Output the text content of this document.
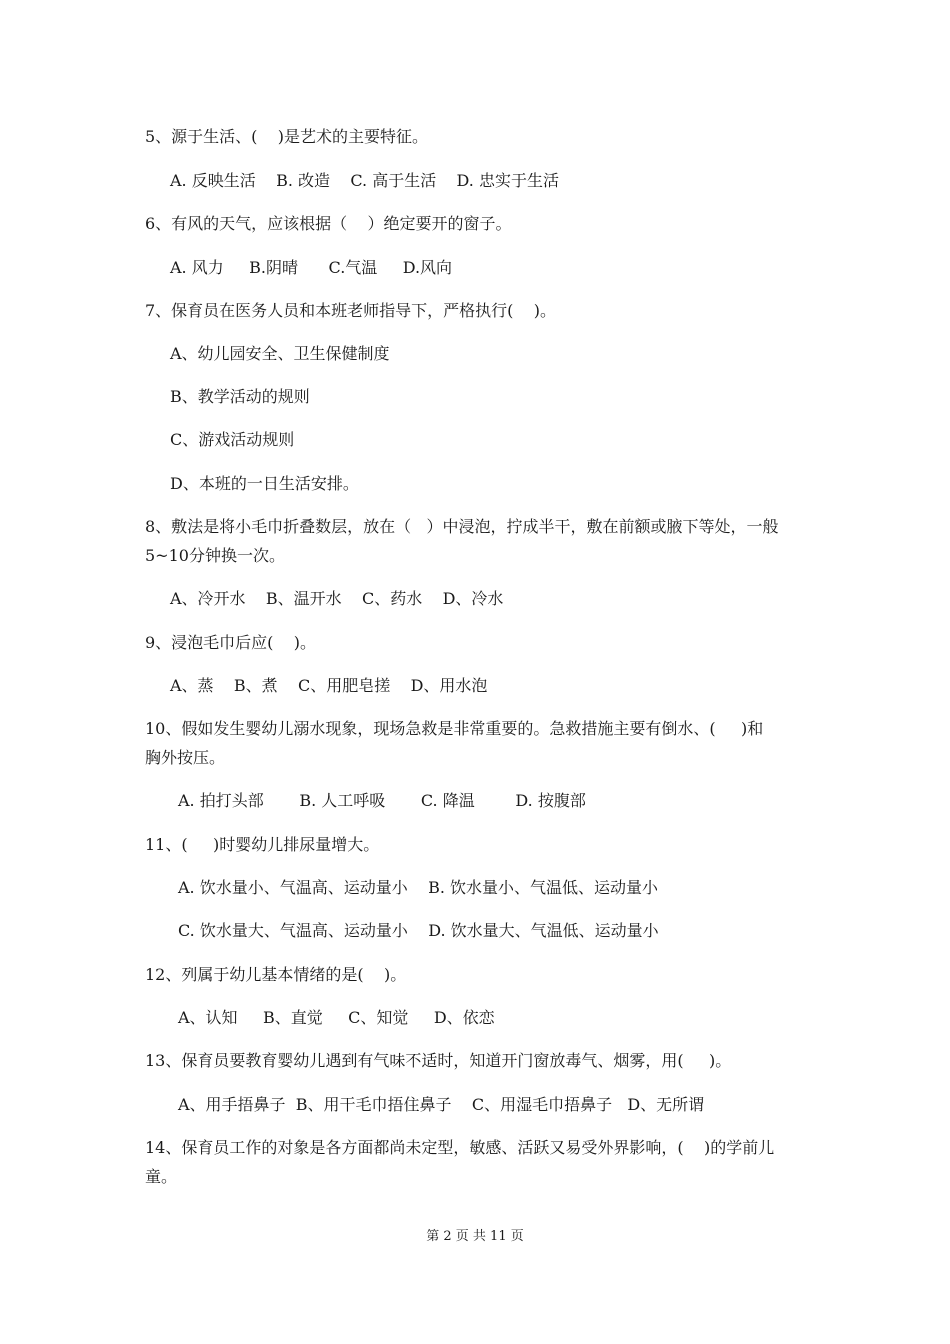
5、源于生活、(    )是艺术的主要特征。
A. 反映生活    B. 改造    C. 高于生活    D. 忠实于生活
6、有风的天气，应该根据（    ）绝定要开的窗子。
A. 风力     B.阴晴      C.气温     D.风向
7、保育员在医务人员和本班老师指导下，严格执行(    )。
A、幼儿园安全、卫生保健制度
B、教学活动的规则
C、游戏活动规则
D、本班的一日生活安排。
8、敷法是将小毛巾折叠数层，放在（   ）中浸泡，拧成半干，敷在前额或腋下等处，一般
5~10分钟换一次。
A、冷开水    B、温开水    C、药水    D、冷水
9、浸泡毛巾后应(    )。
A、蒸    B、煮    C、用肥皂搓    D、用水泡
10、假如发生婴幼儿溺水现象，现场急救是非常重要的。急救措施主要有倒水、(     )和
胸外按压。
A. 拍打头部       B. 人工呼吸       C. 降温        D. 按腹部
11、(     )时婴幼儿排尿量增大。
A. 饮水量小、气温高、运动量小    B. 饮水量小、气温低、运动量小
C. 饮水量大、气温高、运动量小    D. 饮水量大、气温低、运动量小
12、列属于幼儿基本情绪的是(    )。
A、认知     B、直觉     C、知觉     D、依恋
13、保育员要教育婴幼儿遇到有气味不适时，知道开门窗放毒气、烟雾，用(     )。
A、用手捂鼻子  B、用干毛巾捂住鼻子    C、用湿毛巾捂鼻子   D、无所谓
14、保育员工作的对象是各方面都尚未定型，敏感、活跃又易受外界影响，(    )的学前儿
童。
第 2 页 共 11 页
